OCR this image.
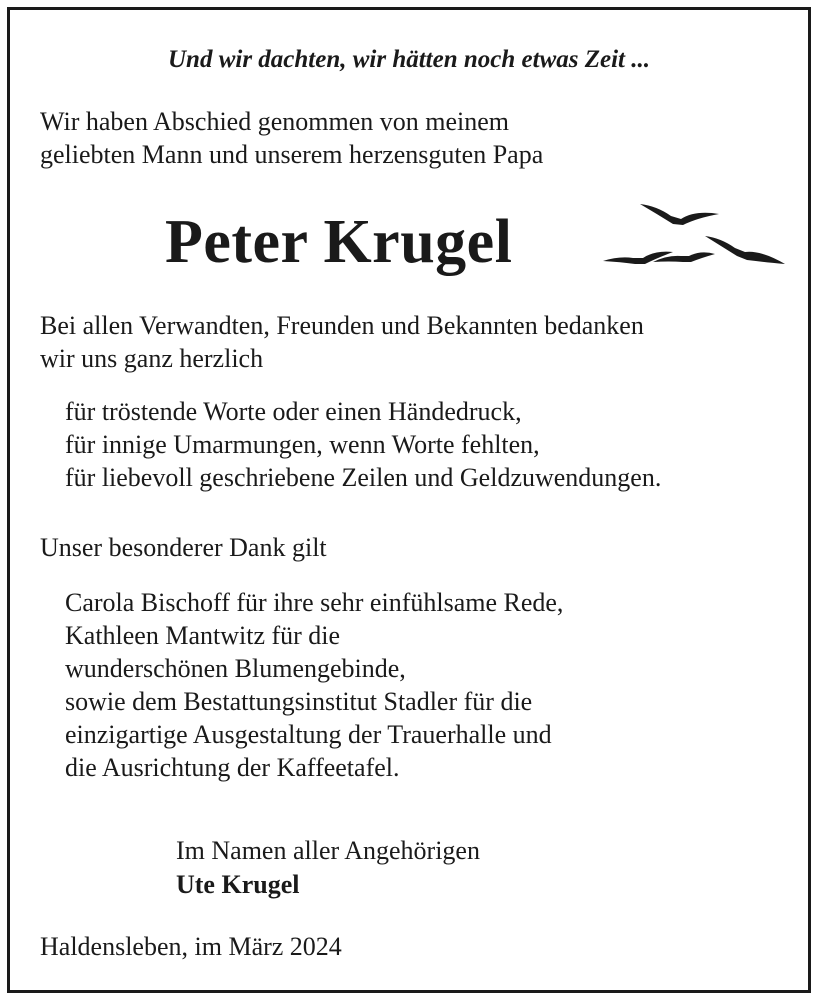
Und wir dachten, wir hätten noch etwas Zeit ...
Wir haben Abschied genommen von meinem
geliebten Mann und unserem herzensguten Papa
Peter Krugel
Bei allen Verwandten, Freunden und Bekannten bedanken
wir uns ganz herzlich
für tröstende Worte oder einen Händedruck,
für innige Umarmungen, wenn Worte fehlten,
für liebevoll geschriebene Zeilen und Geldzuwendungen.
Unser besonderer Dank gilt
Carola Bischoff für ihre sehr einfühlsame Rede,
Kathleen Mantwitz für die
wunderschönen Blumengebinde,
sowie dem Bestattungsinstitut Stadler für die
einzigartige Ausgestaltung der Trauerhalle und
die Ausrichtung der Kaffeetafel.
Im Namen aller Angehörigen
Ute Krugel
Haldensleben, im März 2024
